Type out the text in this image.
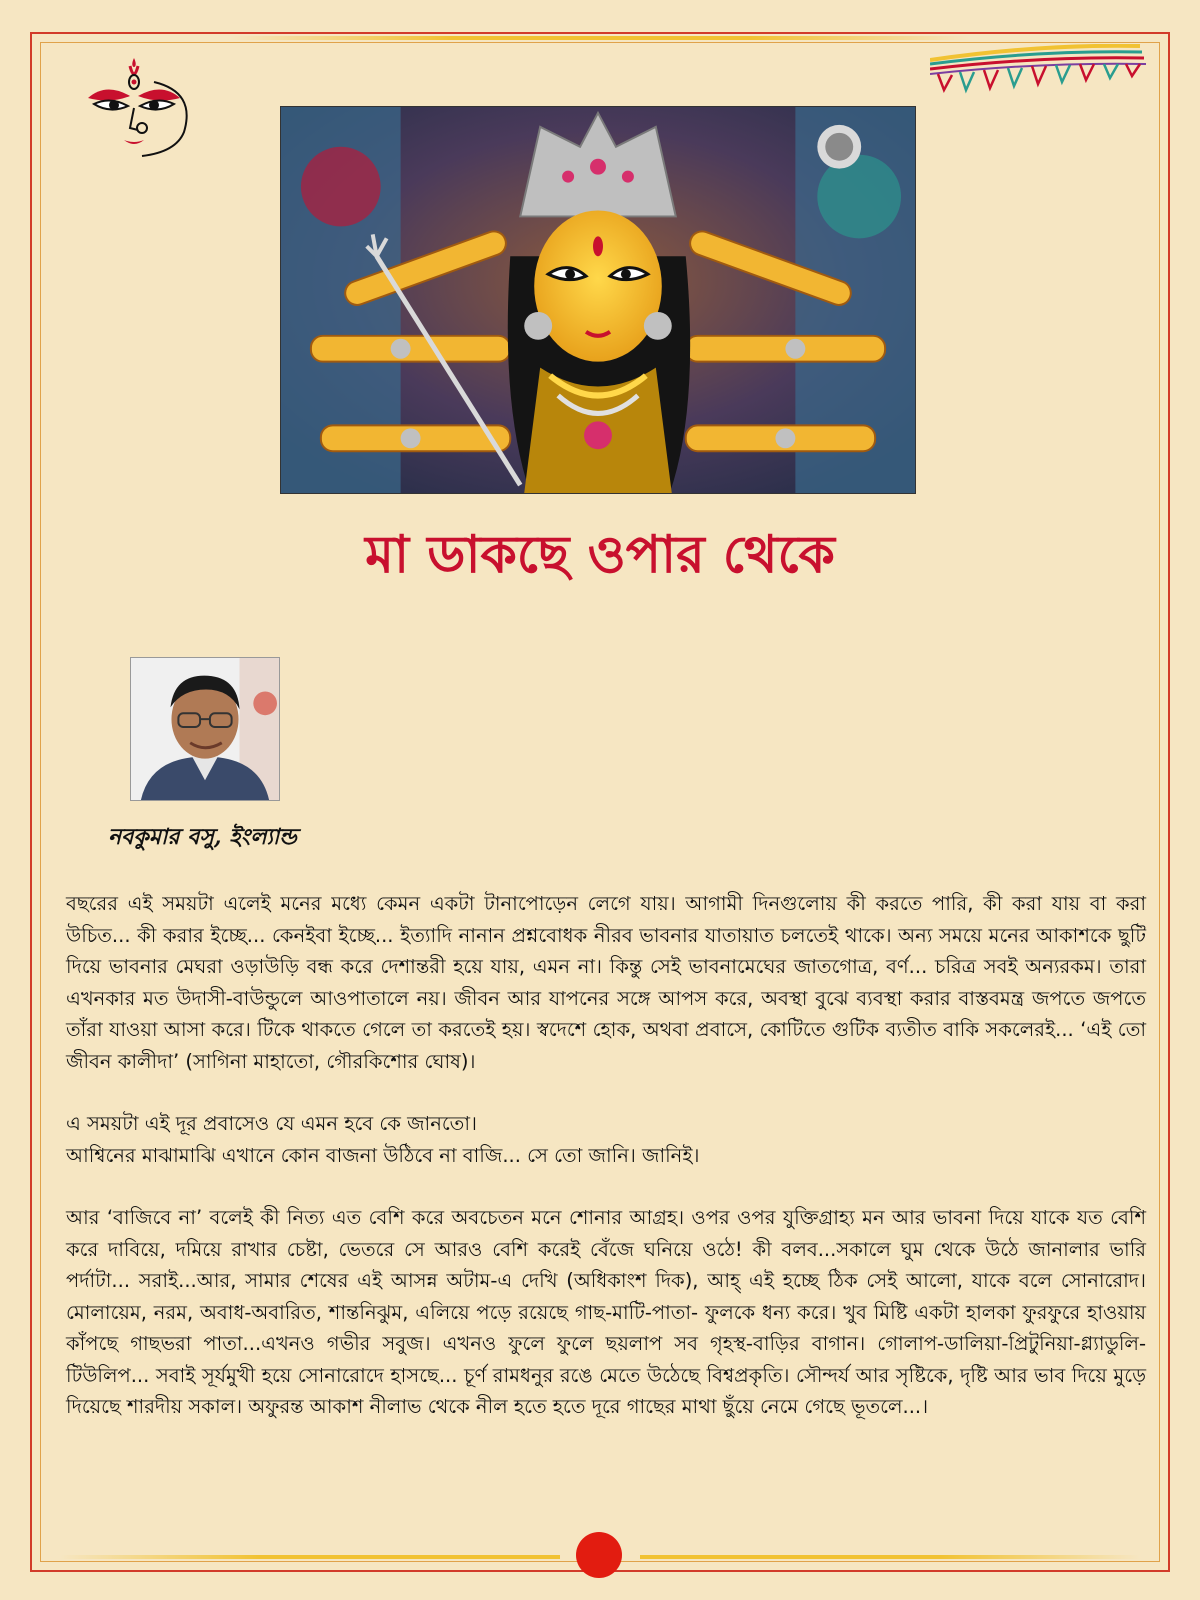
মা ডাকছে ওপার থেকে
নবকুমার বসু, ইংল্যান্ড

বছরের এই সময়টা এলেই মনের মধ্যে কেমন একটা টানাপোড়েন লেগে যায়। আগামী দিনগুলোয় কী করতে পারি, কী করা যায় বা করা উচিত... কী করার ইচ্ছে... কেনইবা ইচ্ছে... ইত্যাদি নানান প্রশ্নবোধক নীরব ভাবনার যাতায়াত চলতেই থাকে। অন্য সময়ে মনের আকাশকে ছুটি দিয়ে ভাবনার মেঘরা ওড়াউড়ি বন্ধ করে দেশান্তরী হয়ে যায়, এমন না। কিন্তু সেই ভাবনামেঘের জাতগোত্র, বর্ণ... চরিত্র সবই অন্যরকম। তারা এখনকার মত উদাসী-বাউন্ডুলে আওপাতালে নয়। জীবন আর যাপনের সঙ্গে আপস করে, অবস্থা বুঝে ব্যবস্থা করার বাস্তবমন্ত্র জপতে জপতে তাঁরা যাওয়া আসা করে। টিকে থাকতে গেলে তা করতেই হয়। স্বদেশে হোক, অথবা প্রবাসে, কোটিতে গুটিক ব্যতীত বাকি সকলেরই... ‘এই তো জীবন কালীদা’ (সাগিনা মাহাতো, গৌরকিশোর ঘোষ)।

এ সময়টা এই দূর প্রবাসেও যে এমন হবে কে জানতো।
আশ্বিনের মাঝামাঝি এখানে কোন বাজনা উঠিবে না বাজি... সে তো জানি। জানিই।

আর ‘বাজিবে না’ বলেই কী নিত্য এত বেশি করে অবচেতন মনে শোনার আগ্রহ। ওপর ওপর যুক্তিগ্রাহ্য মন আর ভাবনা দিয়ে যাকে যত বেশি করে দাবিয়ে, দমিয়ে রাখার চেষ্টা, ভেতরে সে আরও বেশি করেই বেঁজে ঘনিয়ে ওঠে! কী বলব...সকালে ঘুম থেকে উঠে জানালার ভারি পর্দাটা... সরাই...আর, সামার শেষের এই আসন্ন অটাম-এ দেখি (অধিকাংশ দিক), আহ্ এই হচ্ছে ঠিক সেই আলো, যাকে বলে সোনারোদ। মোলায়েম, নরম, অবাধ-অবারিত, শান্তনিঝুম, এলিয়ে পড়ে রয়েছে গাছ-মাটি-পাতা- ফুলকে ধন্য করে। খুব মিষ্টি একটা হালকা ফুরফুরে হাওয়ায় কাঁপছে গাছভরা পাতা...এখনও গভীর সবুজ। এখনও ফুলে ফুলে ছয়লাপ সব গৃহস্থ-বাড়ির বাগান। গোলাপ-ডালিয়া-প্রিটুনিয়া-গ্ল্যাডুলি-টিউলিপ... সবাই সূর্যমুখী হয়ে সোনারোদে হাসছে... চূর্ণ রামধনুর রঙে মেতে উঠেছে বিশ্বপ্রকৃতি। সৌন্দর্য আর সৃষ্টিকে, দৃষ্টি আর ভাব দিয়ে মুড়ে দিয়েছে শারদীয় সকাল। অফুরন্ত আকাশ নীলাভ থেকে নীল হতে হতে দূরে গাছের মাথা ছুঁয়ে নেমে গেছে ভূতলে...।
